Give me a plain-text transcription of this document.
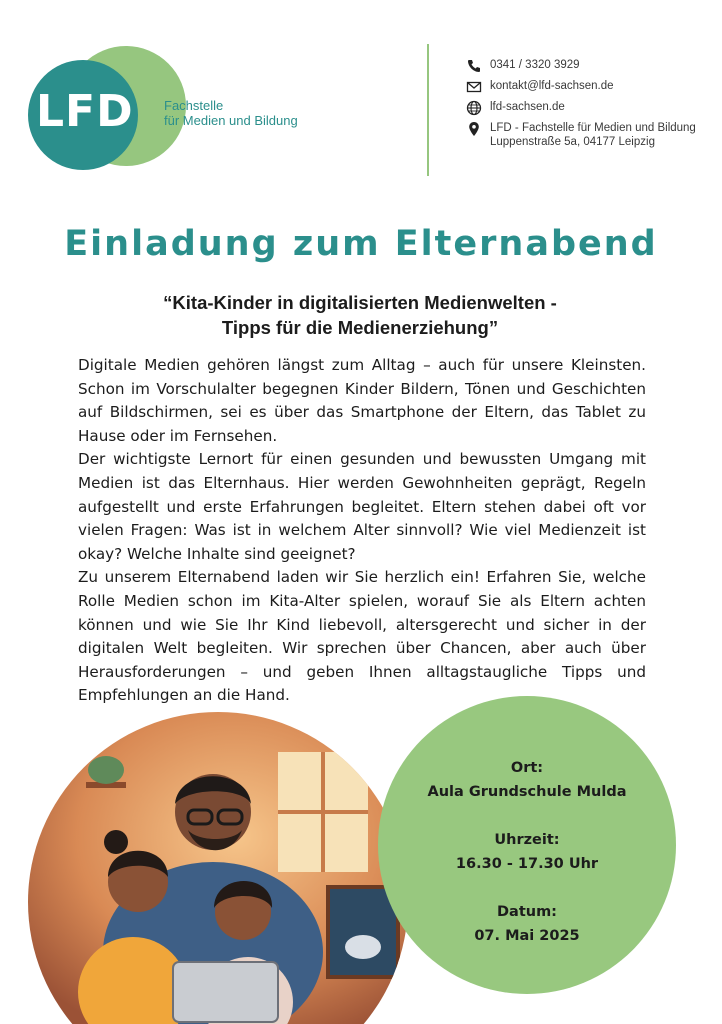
LFD Fachstelle
für Medien und Bildung
0341 / 3320 3929
kontakt@lfd-sachsen.de
lfd-sachsen.de
LFD - Fachstelle für Medien und Bildung
Luppenstraße 5a, 04177 Leipzig
Einladung zum Elternabend
“Kita-Kinder in digitalisierten Medienwelten -
Tipps für die Medienerziehung”

Digitale Medien gehören längst zum Alltag – auch für unsere Kleinsten. Schon im Vorschulalter begegnen Kinder Bildern, Tönen und Geschichten auf Bildschirmen, sei es über das Smartphone der Eltern, das Tablet zu Hause oder im Fernsehen.

Der wichtigste Lernort für einen gesunden und bewussten Umgang mit Medien ist das Elternhaus. Hier werden Gewohnheiten geprägt, Regeln aufgestellt und erste Erfahrungen begleitet. Eltern stehen dabei oft vor vielen Fragen: Was ist in welchem Alter sinnvoll? Wie viel Medienzeit ist okay? Welche Inhalte sind geeignet?

Zu unserem Elternabend laden wir Sie herzlich ein! Erfahren Sie, welche Rolle Medien schon im Kita-Alter spielen, worauf Sie als Eltern achten können und wie Sie Ihr Kind liebevoll, altersgerecht und sicher in der digitalen Welt begleiten. Wir sprechen über Chancen, aber auch über Herausforderungen – und geben Ihnen alltagstaugliche Tipps und Empfehlungen an die Hand.

Ort:
Aula Grundschule Mulda
Uhrzeit:
16.30 - 17.30 Uhr
Datum:
07. Mai 2025
